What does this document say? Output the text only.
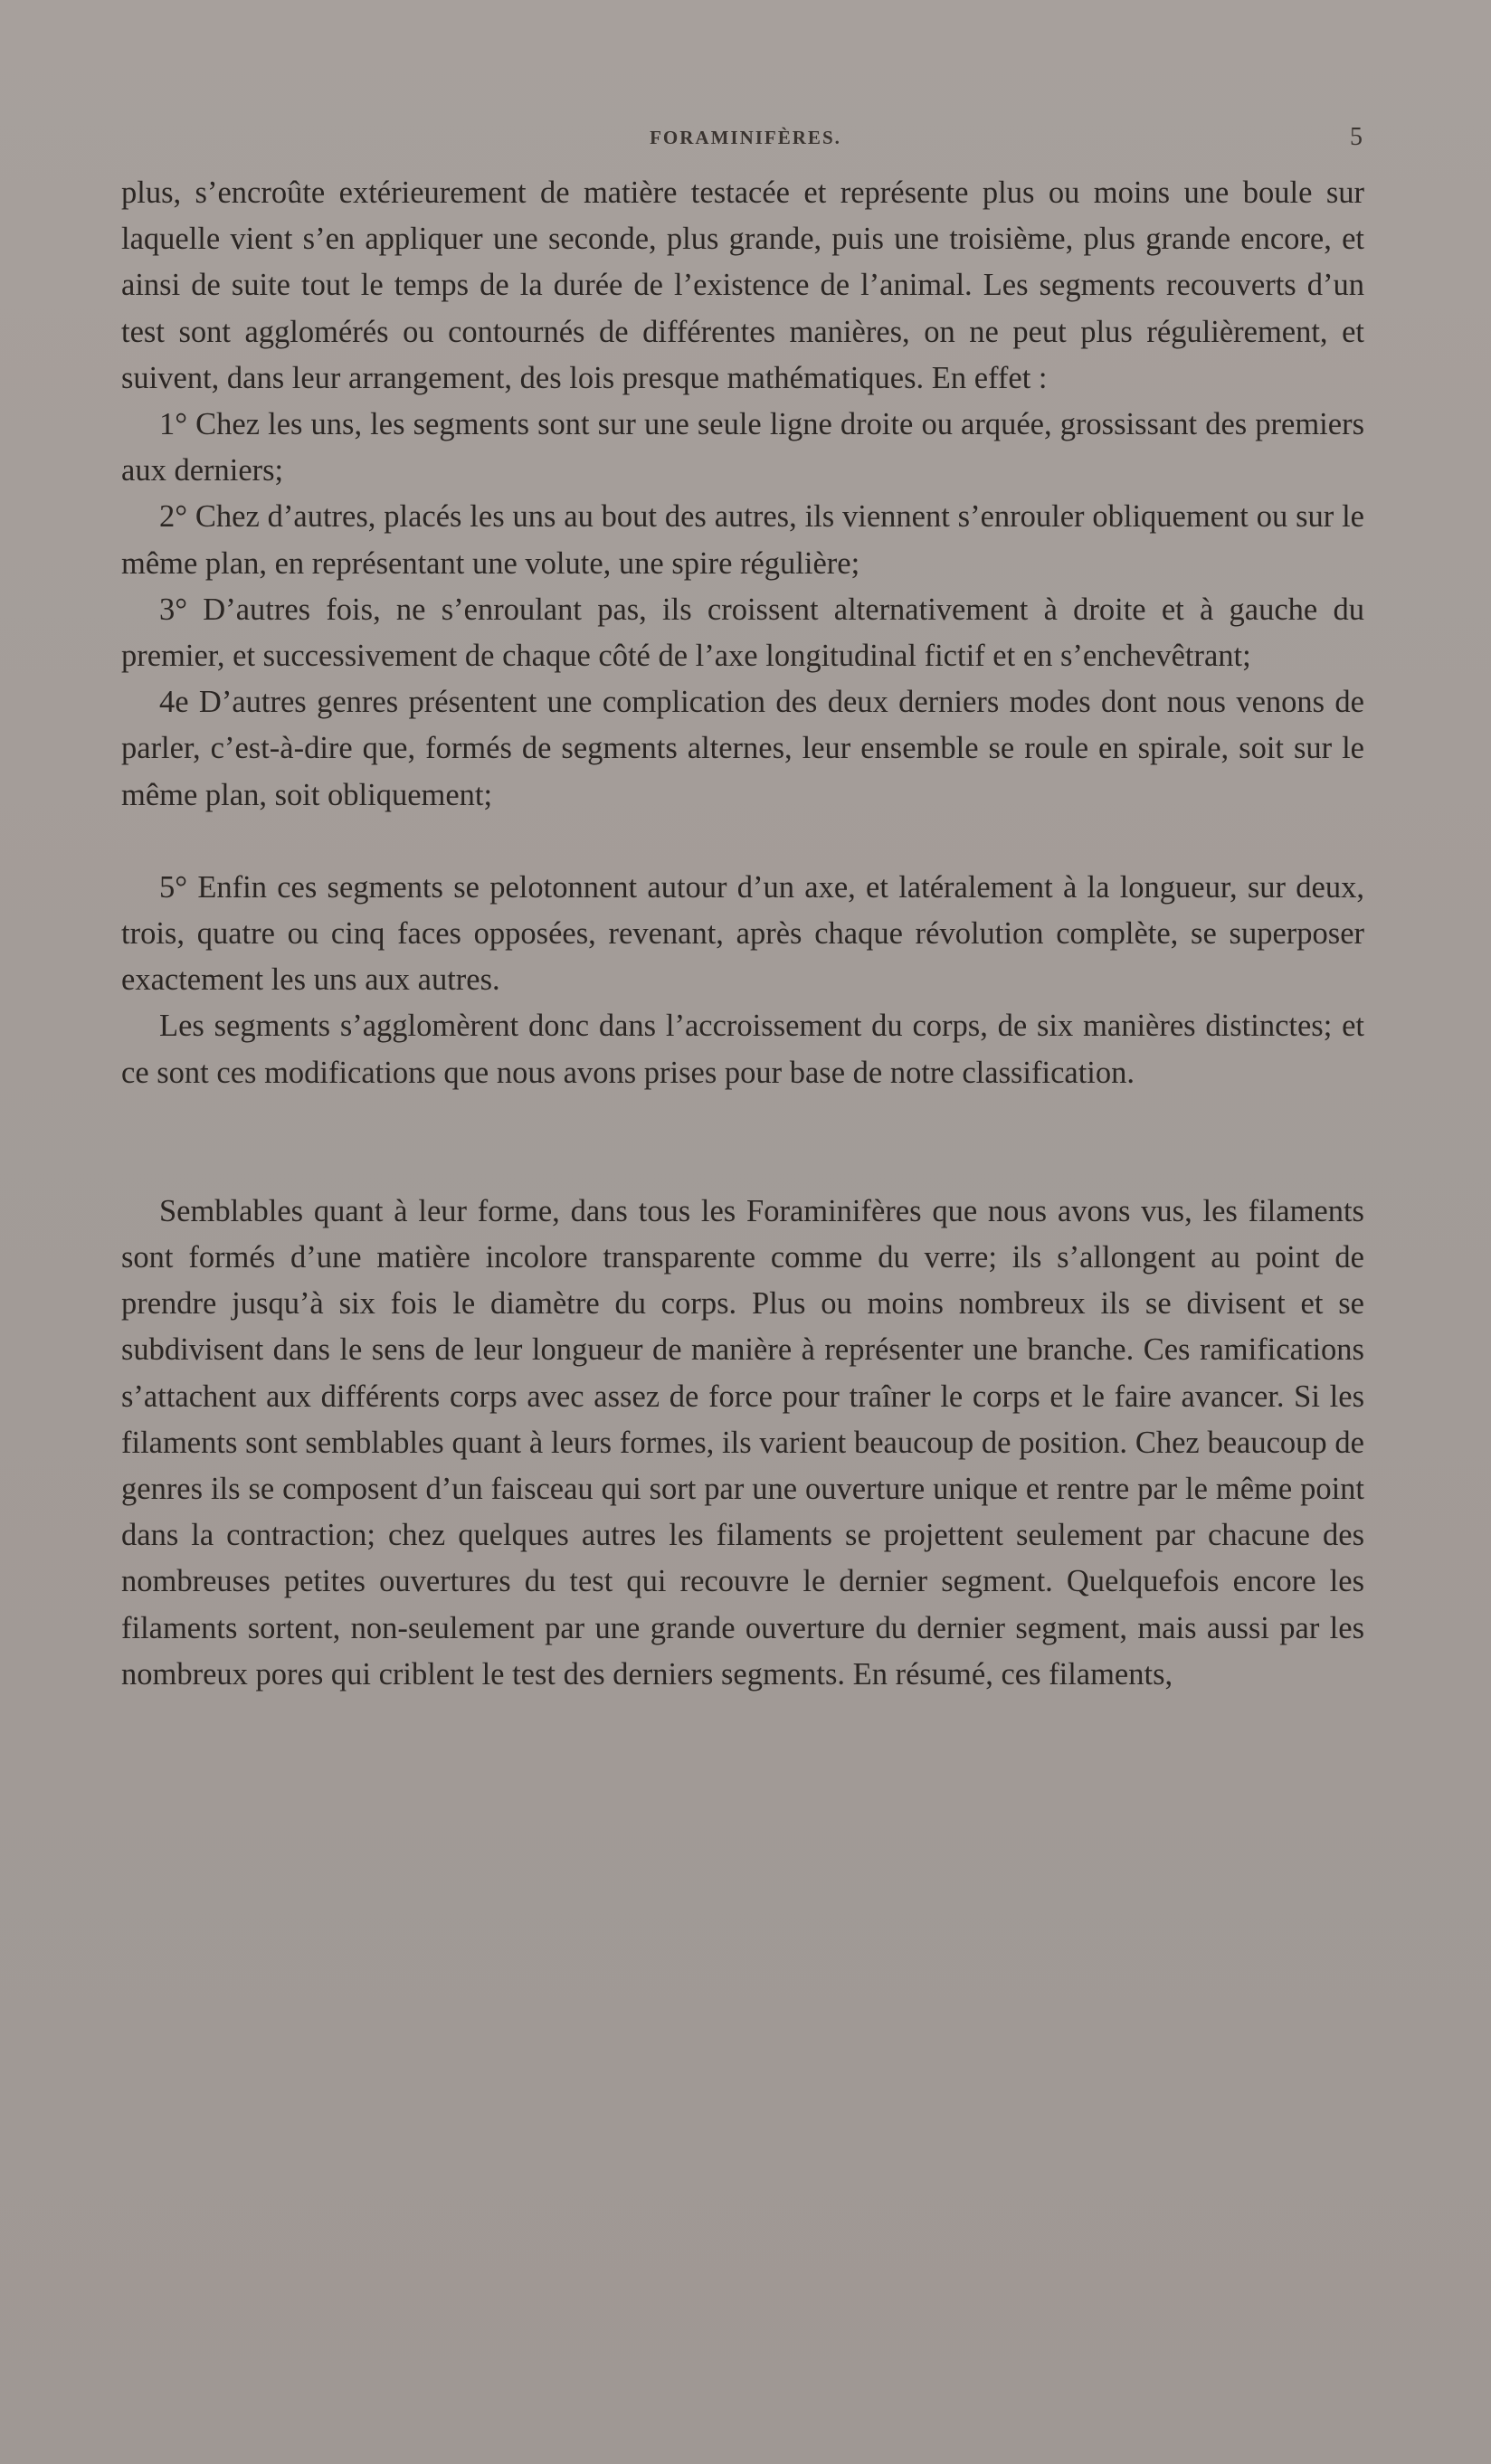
FORAMINIFÈRES.	5

plus, s’encroûte extérieurement de matière testacée et représente plus ou moins une boule sur laquelle vient s’en appliquer une seconde, plus grande, puis une troisième, plus grande encore, et ainsi de suite tout le temps de la durée de l’existence de l’animal. Les segments recouverts d’un test sont agglomérés ou contournés de différentes manières, on ne peut plus régulièrement, et suivent, dans leur arrangement, des lois presque mathématiques. En effet :

1° Chez les uns, les segments sont sur une seule ligne droite ou arquée, grossissant des premiers aux derniers;

2° Chez d’autres, placés les uns au bout des autres, ils viennent s’enrouler obliquement ou sur le même plan, en représentant une volute, une spire régulière;

3° D’autres fois, ne s’enroulant pas, ils croissent alternativement à droite et à gauche du premier, et successivement de chaque côté de l’axe longitudinal fictif et en s’enchevêtrant;

4e D’autres genres présentent une complication des deux derniers modes dont nous venons de parler, c’est-à-dire que, formés de segments alternes, leur ensemble se roule en spirale, soit sur le même plan, soit obliquement;

5° Enfin ces segments se pelotonnent autour d’un axe, et latéralement à la longueur, sur deux, trois, quatre ou cinq faces opposées, revenant, après chaque révolution complète, se superposer exactement les uns aux autres.

Les segments s’agglomèrent donc dans l’accroissement du corps, de six manières distinctes; et ce sont ces modifications que nous avons prises pour base de notre classification.

Semblables quant à leur forme, dans tous les Foraminifères que nous avons vus, les filaments sont formés d’une matière incolore transparente comme du verre; ils s’allongent au point de prendre jusqu’à six fois le diamètre du corps. Plus ou moins nombreux ils se divisent et se subdivisent dans le sens de leur longueur de manière à représenter une branche. Ces ramifications s’attachent aux différents corps avec assez de force pour traîner le corps et le faire avancer. Si les filaments sont semblables quant à leurs formes, ils varient beaucoup de position. Chez beaucoup de genres ils se composent d’un faisceau qui sort par une ouverture unique et rentre par le même point dans la contraction; chez quelques autres les filaments se projettent seulement par chacune des nombreuses petites ouvertures du test qui recouvre le dernier segment. Quelquefois encore les filaments sortent, non-seulement par une grande ouverture du dernier segment, mais aussi par les nombreux pores qui criblent le test des derniers segments. En résumé, ces filaments,
